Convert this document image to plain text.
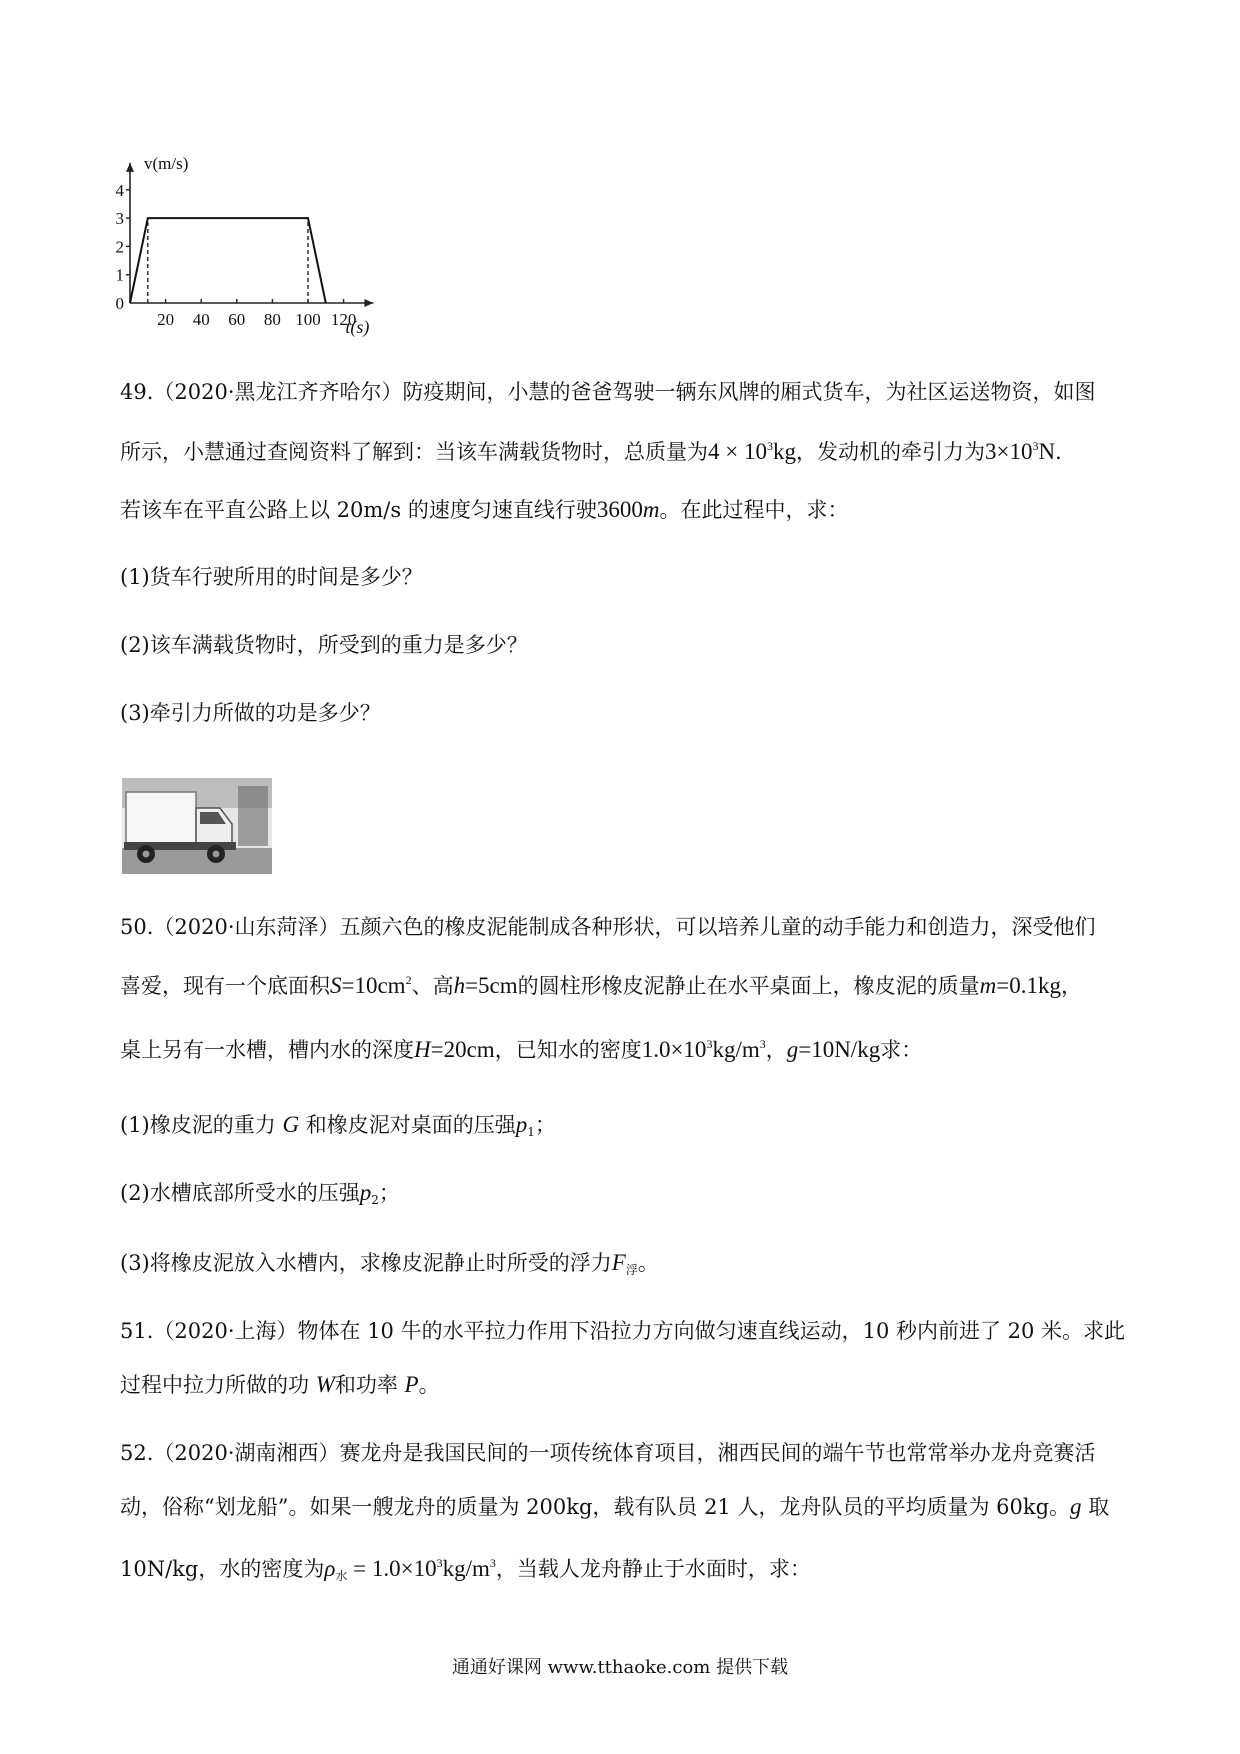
0
1
2
3
4
20 40 60 80 100 120
v(m/s)
t(s)
49.（2020·黑龙江齐齐哈尔）防疫期间，小慧的爸爸驾驶一辆东风牌的厢式货车，为社区运送物资，如图
所示，小慧通过查阅资料了解到：当该车满载货物时，总质量为$4 \times 10^3kg$，发动机的牵引力为$3\times 10^3N$．
若该车在平直公路上以 20m/s 的速度匀速直线行驶3600m。在此过程中，求：
(1)货车行驶所用的时间是多少？
(2)该车满载货物时，所受到的重力是多少？
(3)牵引力所做的功是多少？
50.（2020·山东菏泽）五颜六色的橡皮泥能制成各种形状，可以培养儿童的动手能力和创造力，深受他们
喜爱，现有一个底面积$S=10cm^2$、高h=5cm的圆柱形橡皮泥静止在水平桌面上，橡皮泥的质量m=0.1kg，
桌上另有一水槽，槽内水的深度H=20cm，已知水的密度$1.0\times 10^3kg/m^3$，g=10N/kg求：
(1)橡皮泥的重力 G 和橡皮泥对桌面的压强$p_1$；
(2)水槽底部所受水的压强$p_2$；
(3)将橡皮泥放入水槽内，求橡皮泥静止时所受的浮力$F_浮$。
51.（2020·上海）物体在 10 牛的水平拉力作用下沿拉力方向做匀速直线运动，10 秒内前进了 20 米。求此
过程中拉力所做的功 W和功率 P。
52.（2020·湖南湘西）赛龙舟是我国民间的一项传统体育项目，湘西民间的端午节也常常举办龙舟竞赛活
动，俗称“划龙船”。如果一艘龙舟的质量为 200kg，载有队员 21 人，龙舟队员的平均质量为 60kg。g 取
10N/kg，水的密度为$\rho_水 = 1.0\times 10^3kg/m^3$，当载人龙舟静止于水面时，求：
通通好课网 www.tthaoke.com 提供下载
